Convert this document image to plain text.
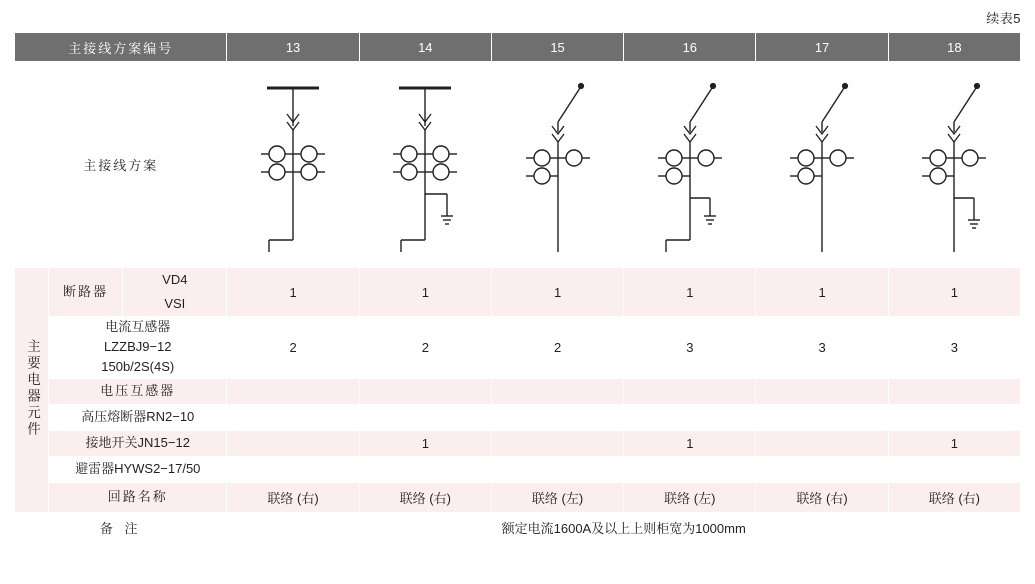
续表5
主接线方案编号			13	14	15	16	17	18
主接线方案	

主要电器元件	断路器	VD4
VSI	1	1	1	1	1	1

	电流互感器
LZZBJ9−12
150b/2S(4S)		2	2	2	3	3	3
	电压互感器							
	高压熔断器RN2−10							
	接地开关JN15−12			1		1		1
	避雷器HYWS2−17/50							
	回路名称		联络 (右)	联络 (右)	联络 (左)	联络 (左)	联络 (右)	联络 (右)
备 注			额定电流1600A及以上上则柜宽为1000mm					
